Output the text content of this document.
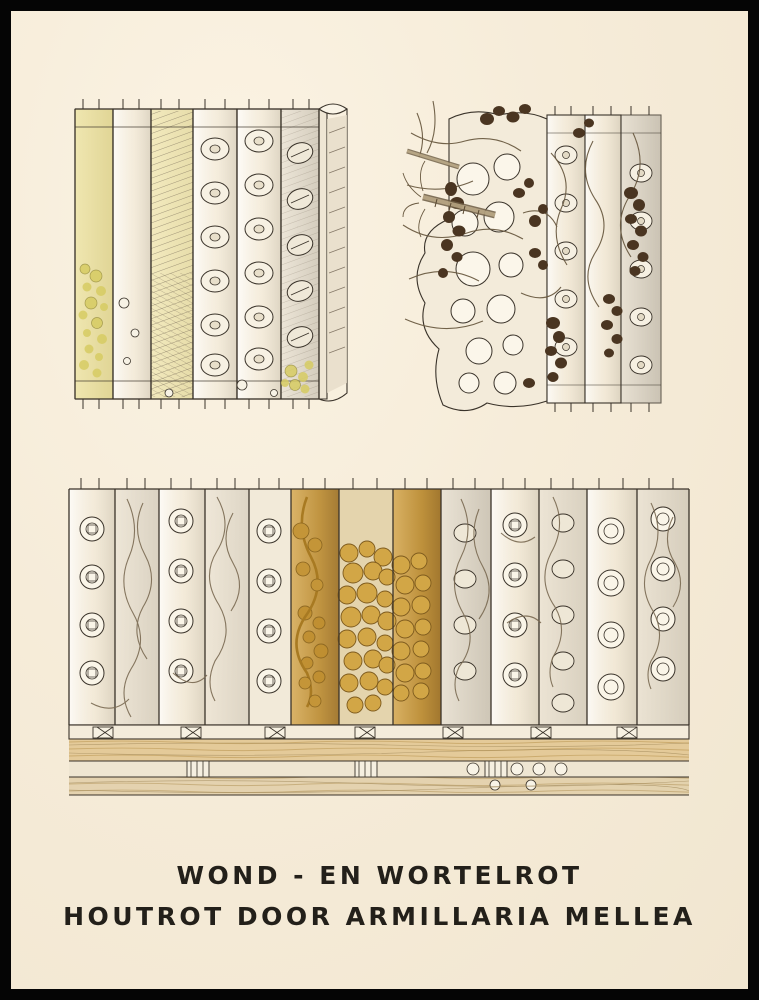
WOND - EN WORTELROT
HOUTROT DOOR ARMILLARIA MELLEA
